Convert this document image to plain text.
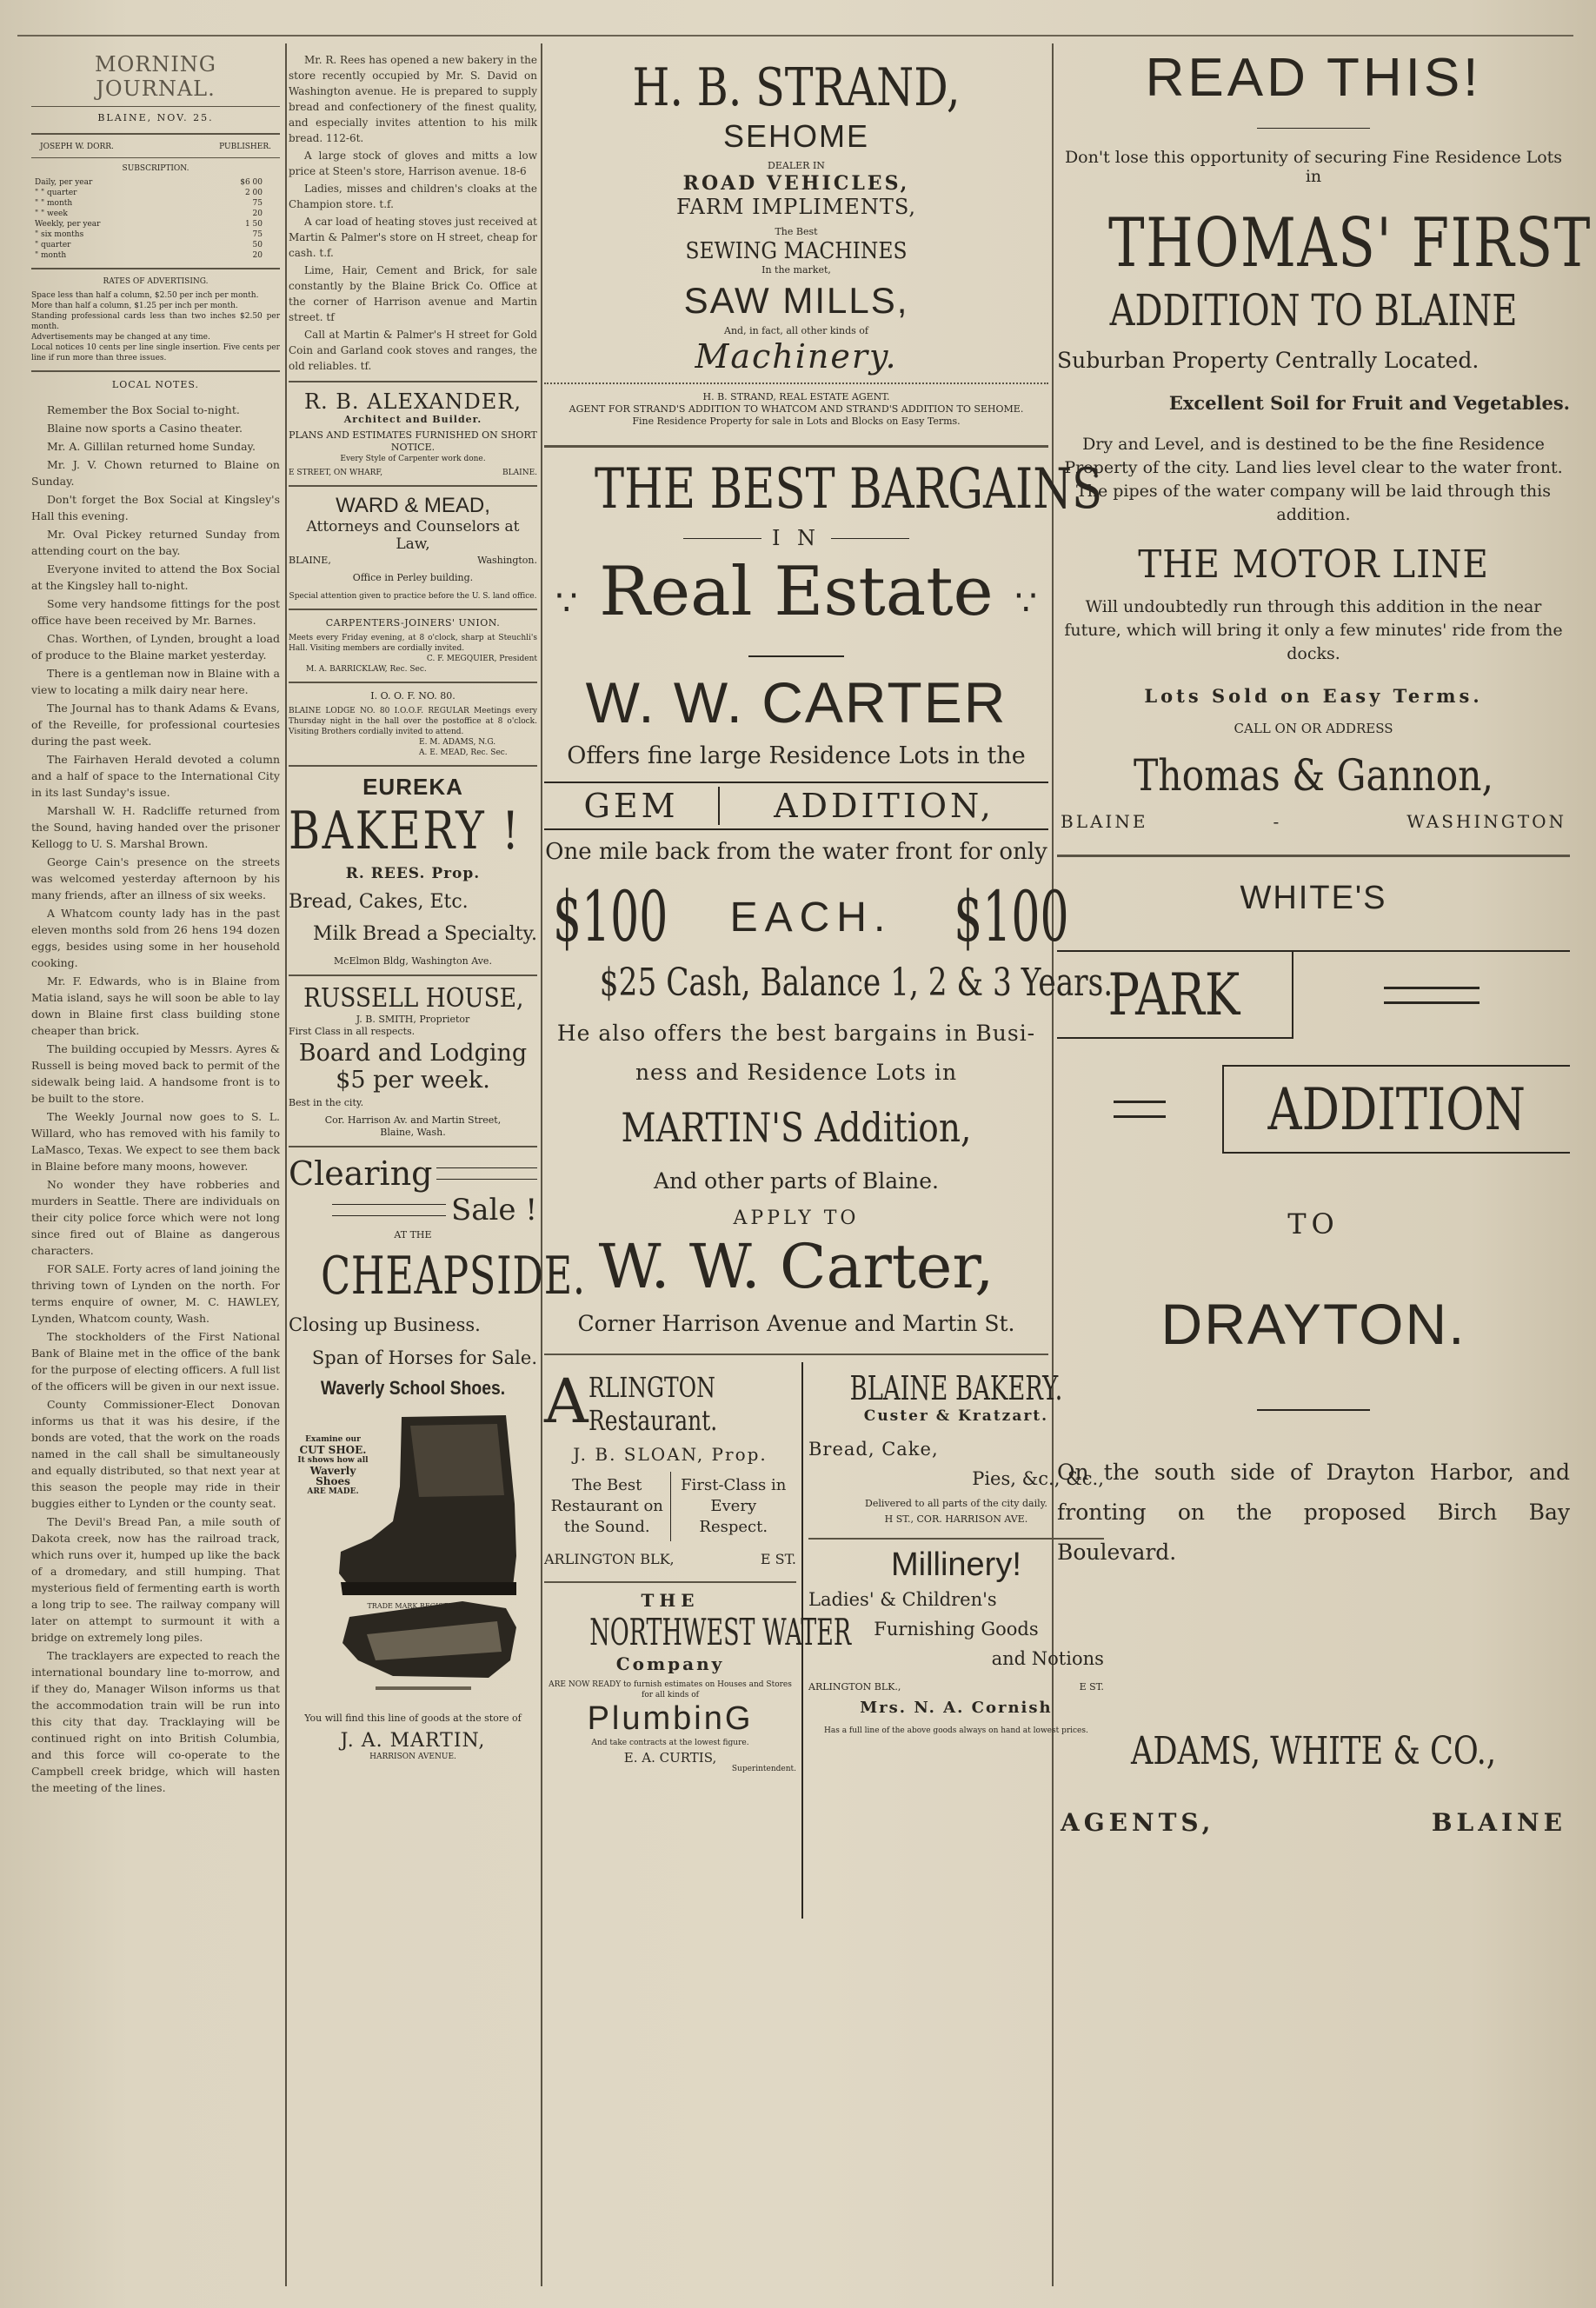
MORNING JOURNAL.
BLAINE, NOV. 25.
JOSEPH W. DORR.	PUBLISHER.
SUBSCRIPTION.
Daily, per year	$6 00
" " quarter	2 00
" " month	75
" " week	20
Weekly, per year	1 50
" six months	75
" quarter	50
" month	20
RATES OF ADVERTISING.
Space less than half a column, $2.50 per inch per month.
More than half a column, $1.25 per inch per month.
Standing professional cards less than two inches $2.50 per month.
Advertisements may be changed at any time.
Local notices 10 cents per line single insertion. Five cents per line if run more than three issues.
LOCAL NOTES.

Remember the Box Social to-night.

Blaine now sports a Casino theater.

Mr. A. Gillilan returned home Sunday.

Mr. J. V. Chown returned to Blaine on Sunday.

Don't forget the Box Social at Kingsley's Hall this evening.

Mr. Oval Pickey returned Sunday from attending court on the bay.

Everyone invited to attend the Box Social at the Kingsley hall to-night.

Some very handsome fittings for the post office have been received by Mr. Barnes.

Chas. Worthen, of Lynden, brought a load of produce to the Blaine market yesterday.

There is a gentleman now in Blaine with a view to locating a milk dairy near here.

The Journal has to thank Adams & Evans, of the Reveille, for professional courtesies during the past week.

The Fairhaven Herald devoted a column and a half of space to the International City in its last Sunday's issue.

Marshall W. H. Radcliffe returned from the Sound, having handed over the prisoner Kellogg to U. S. Marshal Brown.

George Cain's presence on the streets was welcomed yesterday afternoon by his many friends, after an illness of six weeks.

A Whatcom county lady has in the past eleven months sold from 26 hens 194 dozen eggs, besides using some in her household cooking.

Mr. F. Edwards, who is in Blaine from Matia island, says he will soon be able to lay down in Blaine first class building stone cheaper than brick.

The building occupied by Messrs. Ayres & Russell is being moved back to permit of the sidewalk being laid. A handsome front is to be built to the store.

The Weekly Journal now goes to S. L. Willard, who has removed with his family to LaMasco, Texas. We expect to see them back in Blaine before many moons, however.

No wonder they have robberies and murders in Seattle. There are individuals on their city police force which were not long since fired out of Blaine as dangerous characters.

FOR SALE. Forty acres of land joining the thriving town of Lynden on the north. For terms enquire of owner, M. C. HAWLEY, Lynden, Whatcom county, Wash.

The stockholders of the First National Bank of Blaine met in the office of the bank for the purpose of electing officers. A full list of the officers will be given in our next issue.

County Commissioner-Elect Donovan informs us that it was his desire, if the bonds are voted, that the work on the roads named in the call shall be simultaneously and equally distributed, so that next year at this season the people may ride in their buggies either to Lynden or the county seat.

The Devil's Bread Pan, a mile south of Dakota creek, now has the railroad track, which runs over it, humped up like the back of a dromedary, and still humping. That mysterious field of fermenting earth is worth a long trip to see. The railway company will later on attempt to surmount it with a bridge on extremely long piles.

The tracklayers are expected to reach the international boundary line to-morrow, and if they do, Manager Wilson informs us that the accommodation train will be run into this city that day. Tracklaying will be continued right on into British Columbia, and this force will co-operate to the Campbell creek bridge, which will hasten the meeting of the lines.

Mr. R. Rees has opened a new bakery in the store recently occupied by Mr. S. David on Washington avenue. He is prepared to supply bread and confectionery of the finest quality, and especially invites attention to his milk bread. 112-6t.

A large stock of gloves and mitts a low price at Steen's store, Harrison avenue. 18-6

Ladies, misses and children's cloaks at the Champion store. t.f.

A car load of heating stoves just received at Martin & Palmer's store on H street, cheap for cash. t.f.

Lime, Hair, Cement and Brick, for sale constantly by the Blaine Brick Co. Office at the corner of Harrison avenue and Martin street. tf

Call at Martin & Palmer's H street for Gold Coin and Garland cook stoves and ranges, the old reliables. tf.

R. B. ALEXANDER,
Architect and Builder.
PLANS AND ESTIMATES FURNISHED ON SHORT NOTICE.
Every Style of Carpenter work done.
E STREET, ON WHARF,	BLAINE.
WARD & MEAD,
Attorneys and Counselors at Law,
BLAINE,	Washington.
Office in Perley building.
Special attention given to practice before the U. S. land office.
CARPENTERS-JOINERS' UNION.
Meets every Friday evening, at 8 o'clock, sharp at Steuchli's Hall. Visiting members are cordially invited.
C. F. MEGQUIER, President
M. A. BARRICKLAW, Rec. Sec.
I. O. O. F. NO. 80.
BLAINE LODGE NO. 80 I.O.O.F. REGULAR Meetings every Thursday night in the hall over the postoffice at 8 o'clock. Visiting Brothers cordially invited to attend.
E. M. ADAMS, N.G.
A. E. MEAD, Rec. Sec.
EUREKA
BAKERY !
R. REES. Prop.
Bread, Cakes, Etc.
Milk Bread a Specialty.
McElmon Bldg, Washington Ave.
RUSSELL HOUSE,
J. B. SMITH, Proprietor
First Class in all respects.
Board and Lodging
$5 per week.
Best in the city.
Cor. Harrison Av. and Martin Street,
Blaine, Wash.
Clearing
Sale !
AT THE
CHEAPSIDE.
Closing up Business.
Span of Horses for Sale.
Waverly School Shoes.
Examine our
CUT SHOE.
It shows how all
Waverly Shoes
ARE MADE.
TRADE MARK REGISTERED.
You will find this line of goods at the store of
J. A. MARTIN,
HARRISON AVENUE.
H. B. STRAND,
SEHOME
DEALER IN
ROAD VEHICLES,
FARM IMPLIMENTS,
The Best
SEWING MACHINES
In the market,
SAW MILLS,
And, in fact, all other kinds of
Machinery.
H. B. STRAND, REAL ESTATE AGENT.
AGENT FOR STRAND'S ADDITION TO WHATCOM AND STRAND'S ADDITION TO SEHOME.
Fine Residence Property for sale in Lots and Blocks on Easy Terms.
THE BEST BARGAINS
I N
∵ Real Estate ∵
W. W. CARTER
Offers fine large Residence Lots in the
GEM	ADDITION,
One mile back from the water front for only
$100 EACH. $100
$25 Cash, Balance 1, 2 & 3 Years.
He also offers the best bargains in Busi-
ness and Residence Lots in
MARTIN'S Addition,
And other parts of Blaine.
APPLY TO
W. W. Carter,
Corner Harrison Avenue and Martin St.
A RLINGTON
Restaurant.
J. B. SLOAN, Prop.
The Best Restaurant on the Sound.
First-Class in Every Respect.
ARLINGTON BLK,	E ST.
THE
NORTHWEST WATER
Company
ARE NOW READY to furnish estimates on Houses and Stores for all kinds of
PlumbinG
And take contracts at the lowest figure.
E. A. CURTIS,
Superintendent.
BLAINE BAKERY.
Custer & Kratzart.
Bread, Cake,
Pies, &c., &c.,
Delivered to all parts of the city daily.
H ST., COR. HARRISON AVE.
Millinery!
Ladies' & Children's
Furnishing Goods
and Notions
ARLINGTON BLK.,	E ST.
Mrs. N. A. Cornish
Has a full line of the above goods always on hand at lowest prices.
READ THIS!
Don't lose this opportunity of securing Fine Residence Lots in
THOMAS' FIRST
ADDITION TO BLAINE
Suburban Property Centrally Located.
Excellent Soil for Fruit and Vegetables.
Dry and Level, and is destined to be the fine Residence Property of the city. Land lies level clear to the water front. The pipes of the water company will be laid through this addition.
THE MOTOR LINE
Will undoubtedly run through this addition in the near future, which will bring it only a few minutes' ride from the docks.
Lots Sold on Easy Terms.
CALL ON OR ADDRESS
Thomas & Gannon,
BLAINE	-	WASHINGTON
WHITE'S
PARK
ADDITION
TO
DRAYTON.
On the south side of Drayton Harbor, and fronting on the proposed Birch Bay Boulevard.
ADAMS, WHITE & CO.,
AGENTS,	BLAINE
